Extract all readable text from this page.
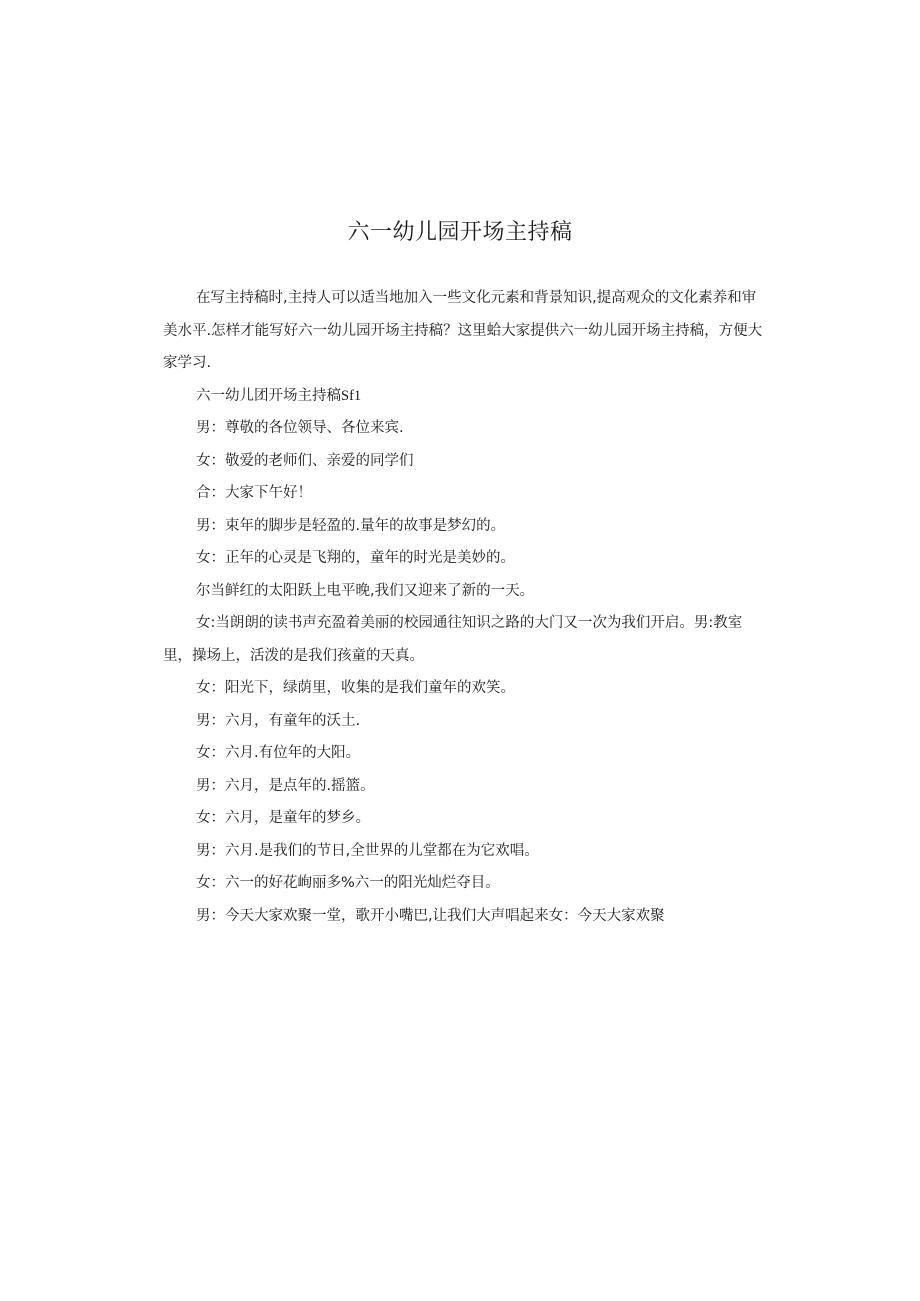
六一幼儿园开场主持稿

在写主持稿时,主持人可以适当地加入一些文化元素和背景知识,提高观众的文化素养和审美水平.怎样才能写好六一幼儿园开场主持稿？这里蛤大家提供六一幼儿园开场主持稿，方便大家学习.

六一幼儿团开场主持稿Sf1

男：尊敬的各位领导、各位来宾.

女：敬爱的老师们、亲爱的同学们

合：大家下午好！

男：束年的脚步是轻盈的.量年的故事是梦幻的。

女：正年的心灵是飞翔的，童年的时光是美妙的。

尔当鲜红的太阳跃上电平晚,我们又迎来了新的一天。

女:当朗朗的读书声充盈着美丽的校园通往知识之路的大门又一次为我们开启。男:教室里，操场上，活泼的是我们孩童的天真。

女：阳光下，绿荫里，收集的是我们童年的欢笑。

男：六月，有童年的沃土.

女：六月.有位年的大阳。

男：六月，是点年的.摇篮。

女：六月，是童年的梦乡。

男：六月.是我们的节日,全世界的儿堂都在为它欢唱。

女：六一的好花峋丽多%六一的阳光灿烂夺目。

男：今天大家欢聚一堂，歌开小嘴巴,让我们大声唱起来女：今天大家欢聚
